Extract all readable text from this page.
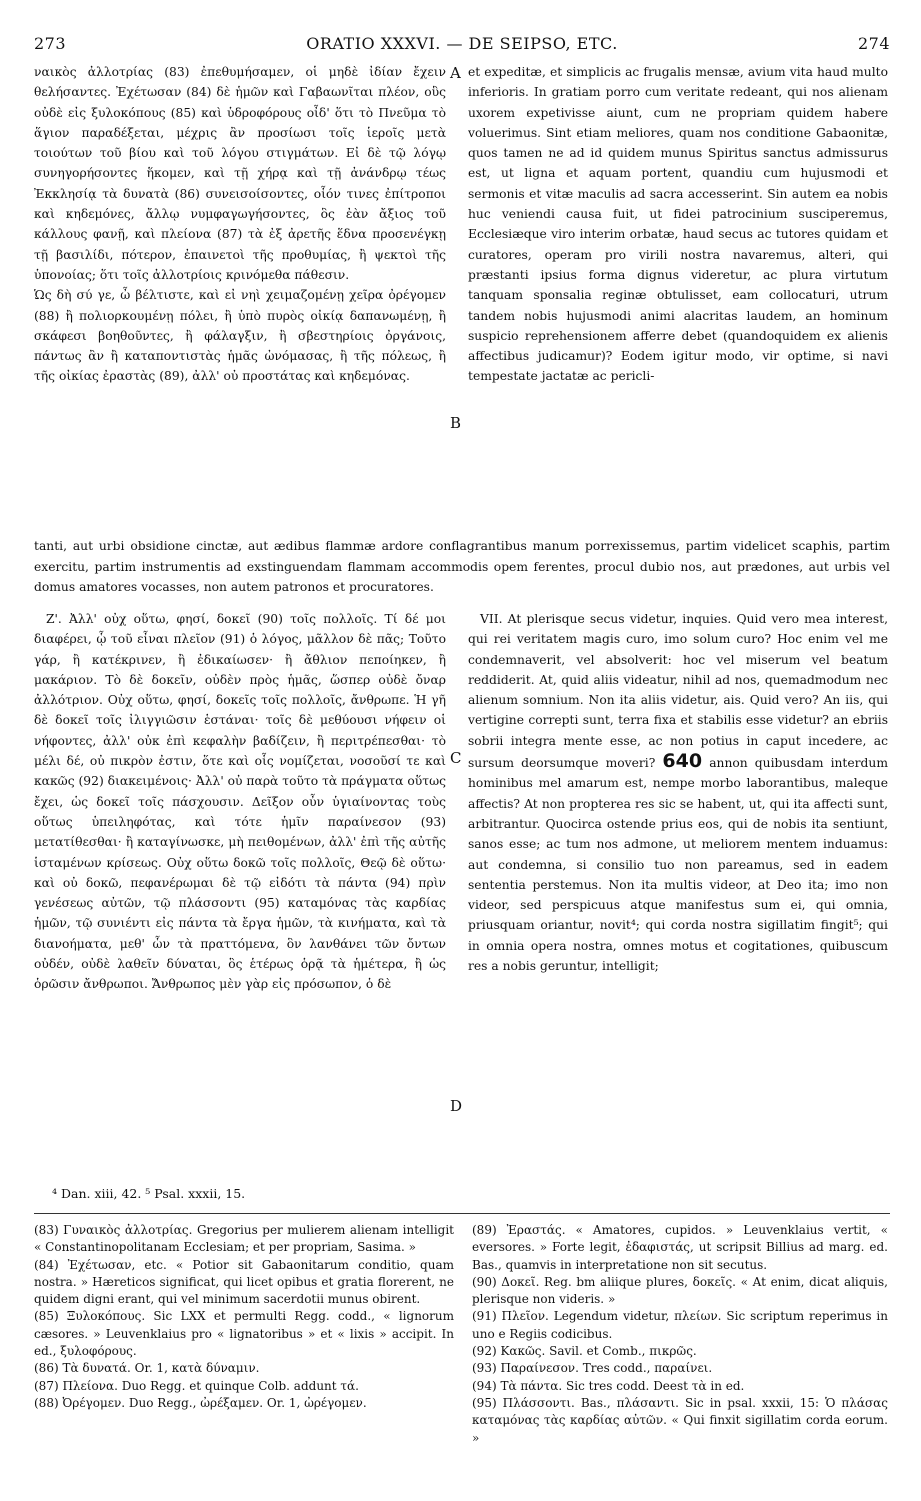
273	ORATIO XXXVI. — DE SEIPSO, ETC.	274

ναικὸς ἀλλοτρίας (83) ἐπεθυμήσαμεν, οἱ μηδὲ ἰδίαν ἔχειν θελήσαντες. Ἐχέτωσαν (84) δὲ ἡμῶν καὶ Γαβαωνῖται πλέον, οὓς οὐδὲ εἰς ξυλοκόπους (85) καὶ ὑδροφόρους οἶδ' ὅτι τὸ Πνεῦμα τὸ ἅγιον παραδέξεται, μέχρις ἂν προσίωσι τοῖς ἱεροῖς μετὰ τοιούτων τοῦ βίου καὶ τοῦ λόγου στιγμάτων. Εἰ δὲ τῷ λόγῳ συνηγορήσοντες ἥκομεν, καὶ τῇ χήρᾳ καὶ τῇ ἀνάνδρῳ τέως Ἐκκλησίᾳ τὰ δυνατὰ (86) συνεισοίσοντες, οἷόν τινες ἐπίτροποι καὶ κηδεμόνες, ἄλλῳ νυμφαγωγήσοντες, ὃς ἐὰν ἄξιος τοῦ κάλλους φανῇ, καὶ πλείονα (87) τὰ ἐξ ἀρετῆς ἕδνα προσενέγκῃ τῇ βασιλίδι, πότερον, ἐπαινετοὶ τῆς προθυμίας, ἢ ψεκτοὶ τῆς ὑπονοίας; ὅτι τοῖς ἀλλοτρίοις κρινόμεθα πάθεσιν.

Ὡς δὴ σύ γε, ὦ βέλτιστε, καὶ εἰ νηὶ χειμαζομένῃ χεῖρα ὀρέγομεν (88) ἢ πολιορκουμένῃ πόλει, ἢ ὑπὸ πυρὸς οἰκίᾳ δαπανωμένῃ, ἢ σκάφεσι βοηθοῦντες, ἢ φάλαγξιν, ἢ σβεστηρίοις ὀργάνοις, πάντως ἂν ἢ καταποντιστὰς ἡμᾶς ὠνόμασας, ἢ τῆς πόλεως, ἢ τῆς οἰκίας ἐραστὰς (89), ἀλλ' οὐ προστάτας καὶ κηδεμόνας.

A
B

et expeditæ, et simplicis ac frugalis mensæ, avium vita haud multo inferioris. In gratiam porro cum veritate redeant, qui nos alienam uxorem expetivisse aiunt, cum ne propriam quidem habere voluerimus. Sint etiam meliores, quam nos conditione Gabaonitæ, quos tamen ne ad id quidem munus Spiritus sanctus admissurus est, ut ligna et aquam portent, quandiu cum hujusmodi et sermonis et vitæ maculis ad sacra accesserint. Sin autem ea nobis huc veniendi causa fuit, ut fidei patrocinium susciperemus, Ecclesiæque viro interim orbatæ, haud secus ac tutores quidam et curatores, operam pro virili nostra navaremus, alteri, qui præstanti ipsius forma dignus videretur, ac plura virtutum tanquam sponsalia reginæ obtulisset, eam collocaturi, utrum tandem nobis hujusmodi animi alacritas laudem, an hominum suspicio reprehensionem afferre debet (quandoquidem ex alienis affectibus judicamur)? Eodem igitur modo, vir optime, si navi tempestate jactatæ ac pericli-

tanti, aut urbi obsidione cinctæ, aut ædibus flammæ ardore conflagrantibus manum porrexissemus, partim videlicet scaphis, partim exercitu, partim instrumentis ad exstinguendam flammam accommodis opem ferentes, procul dubio nos, aut prædones, aut urbis vel domus amatores vocasses, non autem patronos et procuratores.

Ζ'. Ἀλλ' οὐχ οὕτω, φησί, δοκεῖ (90) τοῖς πολλοῖς. Τί δέ μοι διαφέρει, ᾧ τοῦ εἶναι πλεῖον (91) ὁ λόγος, μᾶλλον δὲ πᾶς; Τοῦτο γάρ, ἢ κατέκρινεν, ἢ ἐδικαίωσεν· ἢ ἄθλιον πεποίηκεν, ἢ μακάριον. Τὸ δὲ δοκεῖν, οὐδὲν πρὸς ἡμᾶς, ὥσπερ οὐδὲ ὄναρ ἀλλότριον. Οὐχ οὕτω, φησί, δοκεῖς τοῖς πολλοῖς, ἄνθρωπε. Ἡ γῆ δὲ δοκεῖ τοῖς ἰλιγγιῶσιν ἑστάναι· τοῖς δὲ μεθύουσι νήφειν οἱ νήφοντες, ἀλλ' οὐκ ἐπὶ κεφαλὴν βαδίζειν, ἢ περιτρέπεσθαι· τὸ μέλι δέ, οὐ πικρὸν ἐστιν, ὅτε καὶ οἷς νομίζεται, νοσοῦσί τε καὶ κακῶς (92) διακειμένοις· Ἀλλ' οὐ παρὰ τοῦτο τὰ πράγματα οὕτως ἔχει, ὡς δοκεῖ τοῖς πάσχουσιν. Δεῖξον οὖν ὑγιαίνοντας τοὺς οὕτως ὑπειληφότας, καὶ τότε ἡμῖν παραίνεσον (93) μετατίθεσθαι· ἢ καταγίνωσκε, μὴ πειθομένων, ἀλλ' ἐπὶ τῆς αὐτῆς ἱσταμένων κρίσεως. Οὐχ οὕτω δοκῶ τοῖς πολλοῖς, Θεῷ δὲ οὕτω· καὶ οὐ δοκῶ, πεφανέρωμαι δὲ τῷ εἰδότι τὰ πάντα (94) πρὶν γενέσεως αὐτῶν, τῷ πλάσσοντι (95) καταμόνας τὰς καρδίας ἡμῶν, τῷ συνιέντι εἰς πάντα τὰ ἔργα ἡμῶν, τὰ κινήματα, καὶ τὰ διανοήματα, μεθ' ὧν τὰ πραττόμενα, ὃν λανθάνει τῶν ὄντων οὐδέν, οὐδὲ λαθεῖν δύναται, ὃς ἑτέρως ὁρᾷ τὰ ἡμέτερα, ἢ ὡς ὁρῶσιν ἄνθρωποι. Ἄνθρωπος μὲν γὰρ εἰς πρόσωπον, ὁ δὲ

C
D

VII. At plerisque secus videtur, inquies. Quid vero mea interest, qui rei veritatem magis curo, imo solum curo? Hoc enim vel me condemnaverit, vel absolverit: hoc vel miserum vel beatum reddiderit. At, quid aliis videatur, nihil ad nos, quemadmodum nec alienum somnium. Non ita aliis videtur, ais. Quid vero? An iis, qui vertigine correpti sunt, terra fixa et stabilis esse videtur? an ebriis sobrii integra mente esse, ac non potius in caput incedere, ac sursum deorsumque moveri? 640 annon quibusdam interdum hominibus mel amarum est, nempe morbo laborantibus, maleque affectis? At non propterea res sic se habent, ut, qui ita affecti sunt, arbitrantur. Quocirca ostende prius eos, qui de nobis ita sentiunt, sanos esse; ac tum nos admone, ut meliorem mentem induamus: aut condemna, si consilio tuo non pareamus, sed in eadem sententia perstemus. Non ita multis videor, at Deo ita; imo non videor, sed perspicuus atque manifestus sum ei, qui omnia, priusquam oriantur, novit⁴; qui corda nostra sigillatim fingit⁵; qui in omnia opera nostra, omnes motus et cogitationes, quibuscum res a nobis geruntur, intelligit;

⁴ Dan. xiii, 42. ⁵ Psal. xxxii, 15.

(83) Γυναικὸς ἀλλοτρίας. Gregorius per mulierem alienam intelligit « Constantinopolitanam Ecclesiam; et per propriam, Sasima. »

(84) Ἐχέτωσαν, etc. « Potior sit Gabaonitarum conditio, quam nostra. » Hæreticos significat, qui licet opibus et gratia florerent, ne quidem digni erant, qui vel minimum sacerdotii munus obirent.

(85) Ξυλοκόπους. Sic LXX et permulti Regg. codd., « lignorum cæsores. » Leuvenklaius pro « lignatoribus » et « lixis » accipit. In ed., ξυλοφόρους.

(86) Τὰ δυνατά. Or. 1, κατὰ δύναμιν.

(87) Πλείονα. Duo Regg. et quinque Colb. addunt τά.

(88) Ὀρέγομεν. Duo Regg., ὠρέξαμεν. Or. 1, ὠρέγομεν.

(89) Ἐραστάς. « Amatores, cupidos. » Leuvenklaius vertit, « eversores. » Forte legit, ἐδαφιστάς, ut scripsit Billius ad marg. ed. Bas., quamvis in interpretatione non sit secutus.

(90) Δοκεῖ. Reg. bm aliique plures, δοκεῖς. « At enim, dicat aliquis, plerisque non videris. »

(91) Πλεῖον. Legendum videtur, πλείων. Sic scriptum reperimus in uno e Regiis codicibus.

(92) Κακῶς. Savil. et Comb., πικρῶς.

(93) Παραίνεσον. Tres codd., παραίνει.

(94) Τὰ πάντα. Sic tres codd. Deest τὰ in ed.

(95) Πλάσσοντι. Bas., πλάσαντι. Sic in psal. xxxii, 15: Ὁ πλάσας καταμόνας τὰς καρδίας αὐτῶν. « Qui finxit sigillatim corda eorum. »
